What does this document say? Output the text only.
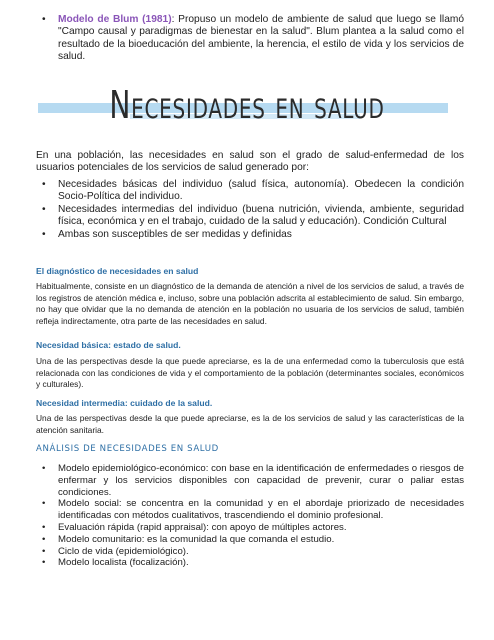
• Modelo de Blum (1981): Propuso un modelo de ambiente de salud que luego se llamó "Campo causal y paradigmas de bienestar en la salud". Blum plantea a la salud como el resultado de la bioeducación del ambiente, la herencia, el estilo de vida y los servicios de salud.
Necesidades en salud

En una población, las necesidades en salud son el grado de salud-enfermedad de los usuarios potenciales de los servicios de salud generado por:

• Necesidades básicas del individuo (salud física, autonomía). Obedecen la condición Socio-Política del individuo.
• Necesidades intermedias del individuo (buena nutrición, vivienda, ambiente, seguridad física, económica y en el trabajo, cuidado de la salud y educación). Condición Cultural
• Ambas son susceptibles de ser medidas y definidas
El diagnóstico de necesidades en salud

Habitualmente, consiste en un diagnóstico de la demanda de atención a nivel de los servicios de salud, a través de los registros de atención médica e, incluso, sobre una población adscrita al establecimiento de salud. Sin embargo, no hay que olvidar que la no demanda de atención en la población no usuaria de los servicios de salud, también refleja indirectamente, otra parte de las necesidades en salud.

Necesidad básica: estado de salud.

Una de las perspectivas desde la que puede apreciarse, es la de una enfermedad como la tuberculosis que está relacionada con las condiciones de vida y el comportamiento de la población (determinantes sociales, económicos y culturales).

Necesidad intermedia: cuidado de la salud.

Una de las perspectivas desde la que puede apreciarse, es la de los servicios de salud y las características de la atención sanitaria.

ANÁLISIS DE NECESIDADES EN SALUD
• Modelo epidemiológico-económico: con base en la identificación de enfermedades o riesgos de enfermar y los servicios disponibles con capacidad de prevenir, curar o paliar estas condiciones.
• Modelo social: se concentra en la comunidad y en el abordaje priorizado de necesidades identificadas con métodos cualitativos, trascendiendo el dominio profesional.
• Evaluación rápida (rapid appraisal): con apoyo de múltiples actores.
• Modelo comunitario: es la comunidad la que comanda el estudio.
• Ciclo de vida (epidemiológico).
• Modelo localista (focalización).
